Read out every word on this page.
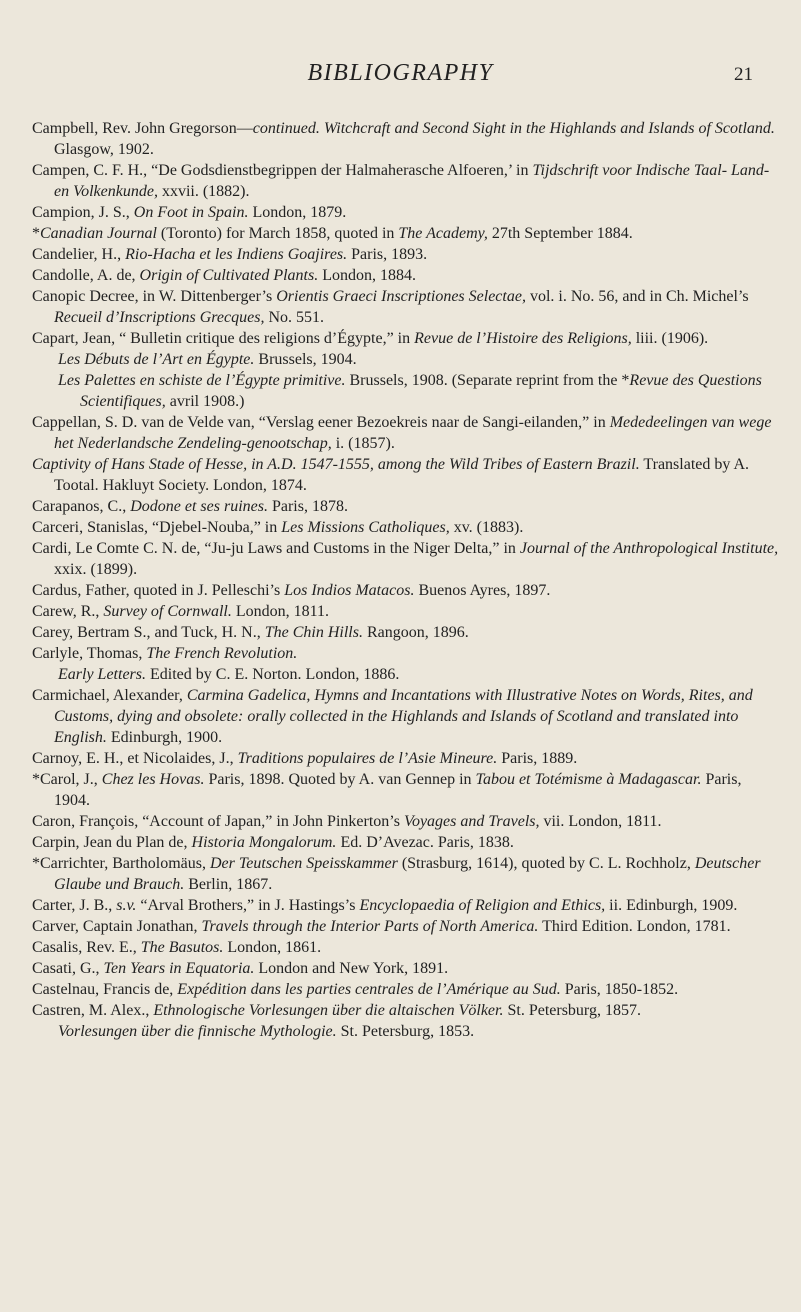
BIBLIOGRAPHY	21

Campbell, Rev. John Gregorson—continued. Witchcraft and Second Sight in the Highlands and Islands of Scotland. Glasgow, 1902.

Campen, C. F. H., “De Godsdienstbegrippen der Halmaherasche Alfoeren,’ in Tijdschrift voor Indische Taal- Land- en Volkenkunde, xxvii. (1882).

Campion, J. S., On Foot in Spain. London, 1879.

*Canadian Journal (Toronto) for March 1858, quoted in The Academy, 27th September 1884.

Candelier, H., Rio-Hacha et les Indiens Goajires. Paris, 1893.

Candolle, A. de, Origin of Cultivated Plants. London, 1884.

Canopic Decree, in W. Dittenberger’s Orientis Graeci Inscriptiones Selectae, vol. i. No. 56, and in Ch. Michel’s Recueil d’Inscriptions Grecques, No. 551.

Capart, Jean, “ Bulletin critique des religions d’Égypte,” in Revue de l’Histoire des Religions, liii. (1906).

Les Débuts de l’Art en Égypte. Brussels, 1904.

Les Palettes en schiste de l’Égypte primitive. Brussels, 1908. (Separate reprint from the *Revue des Questions Scientifiques, avril 1908.)

Cappellan, S. D. van de Velde van, “Verslag eener Bezoekreis naar de Sangi-eilanden,” in Mededeelingen van wege het Nederlandsche Zendeling-genootschap, i. (1857).

Captivity of Hans Stade of Hesse, in A.D. 1547-1555, among the Wild Tribes of Eastern Brazil. Translated by A. Tootal. Hakluyt Society. London, 1874.

Carapanos, C., Dodone et ses ruines. Paris, 1878.

Carceri, Stanislas, “Djebel-Nouba,” in Les Missions Catholiques, xv. (1883).

Cardi, Le Comte C. N. de, “Ju-ju Laws and Customs in the Niger Delta,” in Journal of the Anthropological Institute, xxix. (1899).

Cardus, Father, quoted in J. Pelleschi’s Los Indios Matacos. Buenos Ayres, 1897.

Carew, R., Survey of Cornwall. London, 1811.

Carey, Bertram S., and Tuck, H. N., The Chin Hills. Rangoon, 1896.

Carlyle, Thomas, The French Revolution.

Early Letters. Edited by C. E. Norton. London, 1886.

Carmichael, Alexander, Carmina Gadelica, Hymns and Incantations with Illustrative Notes on Words, Rites, and Customs, dying and obsolete: orally collected in the Highlands and Islands of Scotland and translated into English. Edinburgh, 1900.

Carnoy, E. H., et Nicolaides, J., Traditions populaires de l’Asie Mineure. Paris, 1889.

*Carol, J., Chez les Hovas. Paris, 1898. Quoted by A. van Gennep in Tabou et Totémisme à Madagascar. Paris, 1904.

Caron, François, “Account of Japan,” in John Pinkerton’s Voyages and Travels, vii. London, 1811.

Carpin, Jean du Plan de, Historia Mongalorum. Ed. D’Avezac. Paris, 1838.

*Carrichter, Bartholomäus, Der Teutschen Speisskammer (Strasburg, 1614), quoted by C. L. Rochholz, Deutscher Glaube und Brauch. Berlin, 1867.

Carter, J. B., s.v. “Arval Brothers,” in J. Hastings’s Encyclopaedia of Religion and Ethics, ii. Edinburgh, 1909.

Carver, Captain Jonathan, Travels through the Interior Parts of North America. Third Edition. London, 1781.

Casalis, Rev. E., The Basutos. London, 1861.

Casati, G., Ten Years in Equatoria. London and New York, 1891.

Castelnau, Francis de, Expédition dans les parties centrales de l’Amérique au Sud. Paris, 1850-1852.

Castren, M. Alex., Ethnologische Vorlesungen über die altaischen Völker. St. Petersburg, 1857.

Vorlesungen über die finnische Mythologie. St. Petersburg, 1853.
